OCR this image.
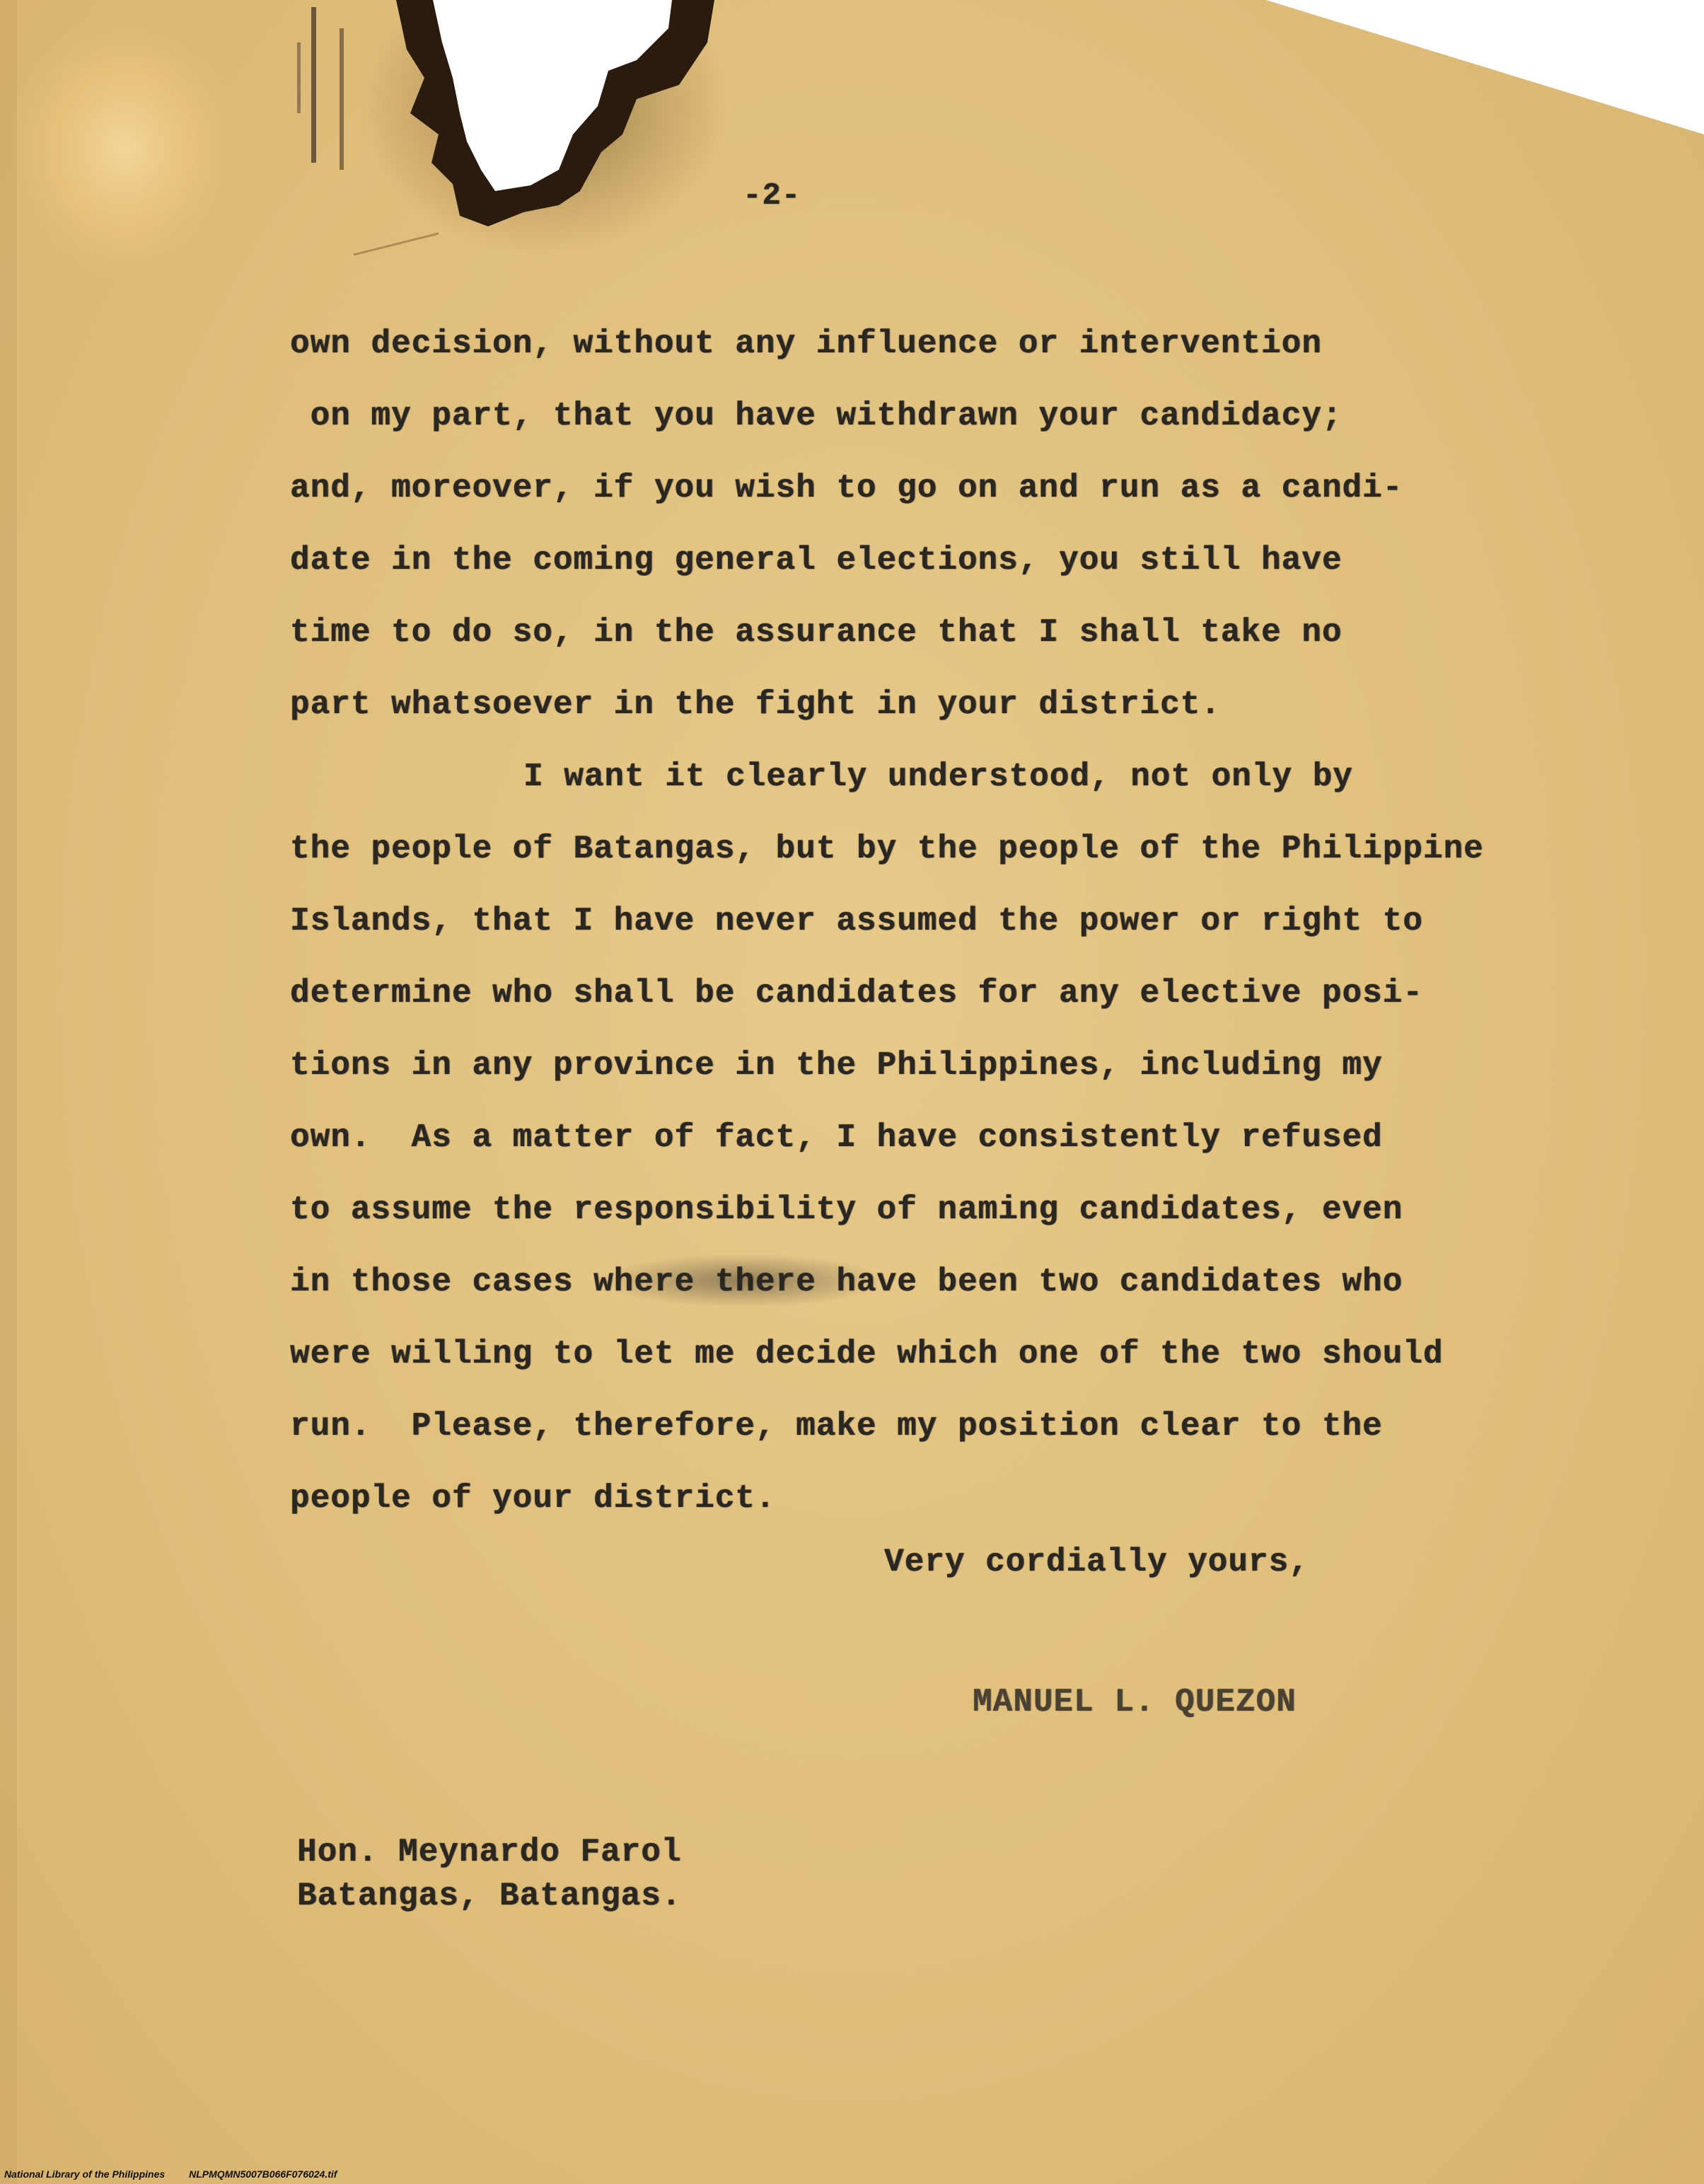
-2-
own decision, without any influence or intervention
on my part, that you have withdrawn your candidacy;
and, moreover, if you wish to go on and run as a candi-
date in the coming general elections, you still have
time to do so, in the assurance that I shall take no
part whatsoever in the fight in your district.
I want it clearly understood, not only by
the people of Batangas, but by the people of the Philippine
Islands, that I have never assumed the power or right to
determine who shall be candidates for any elective posi-
tions in any province in the Philippines, including my
own.  As a matter of fact, I have consistently refused
to assume the responsibility of naming candidates, even
in those cases where there have been two candidates who
were willing to let me decide which one of the two should
run.  Please, therefore, make my position clear to the
people of your district.
Very cordially yours,
MANUEL L. QUEZON
Hon. Meynardo Farol
Batangas, Batangas.
National Library of the Philippines NLPMQMN5007B066F076024.tif
